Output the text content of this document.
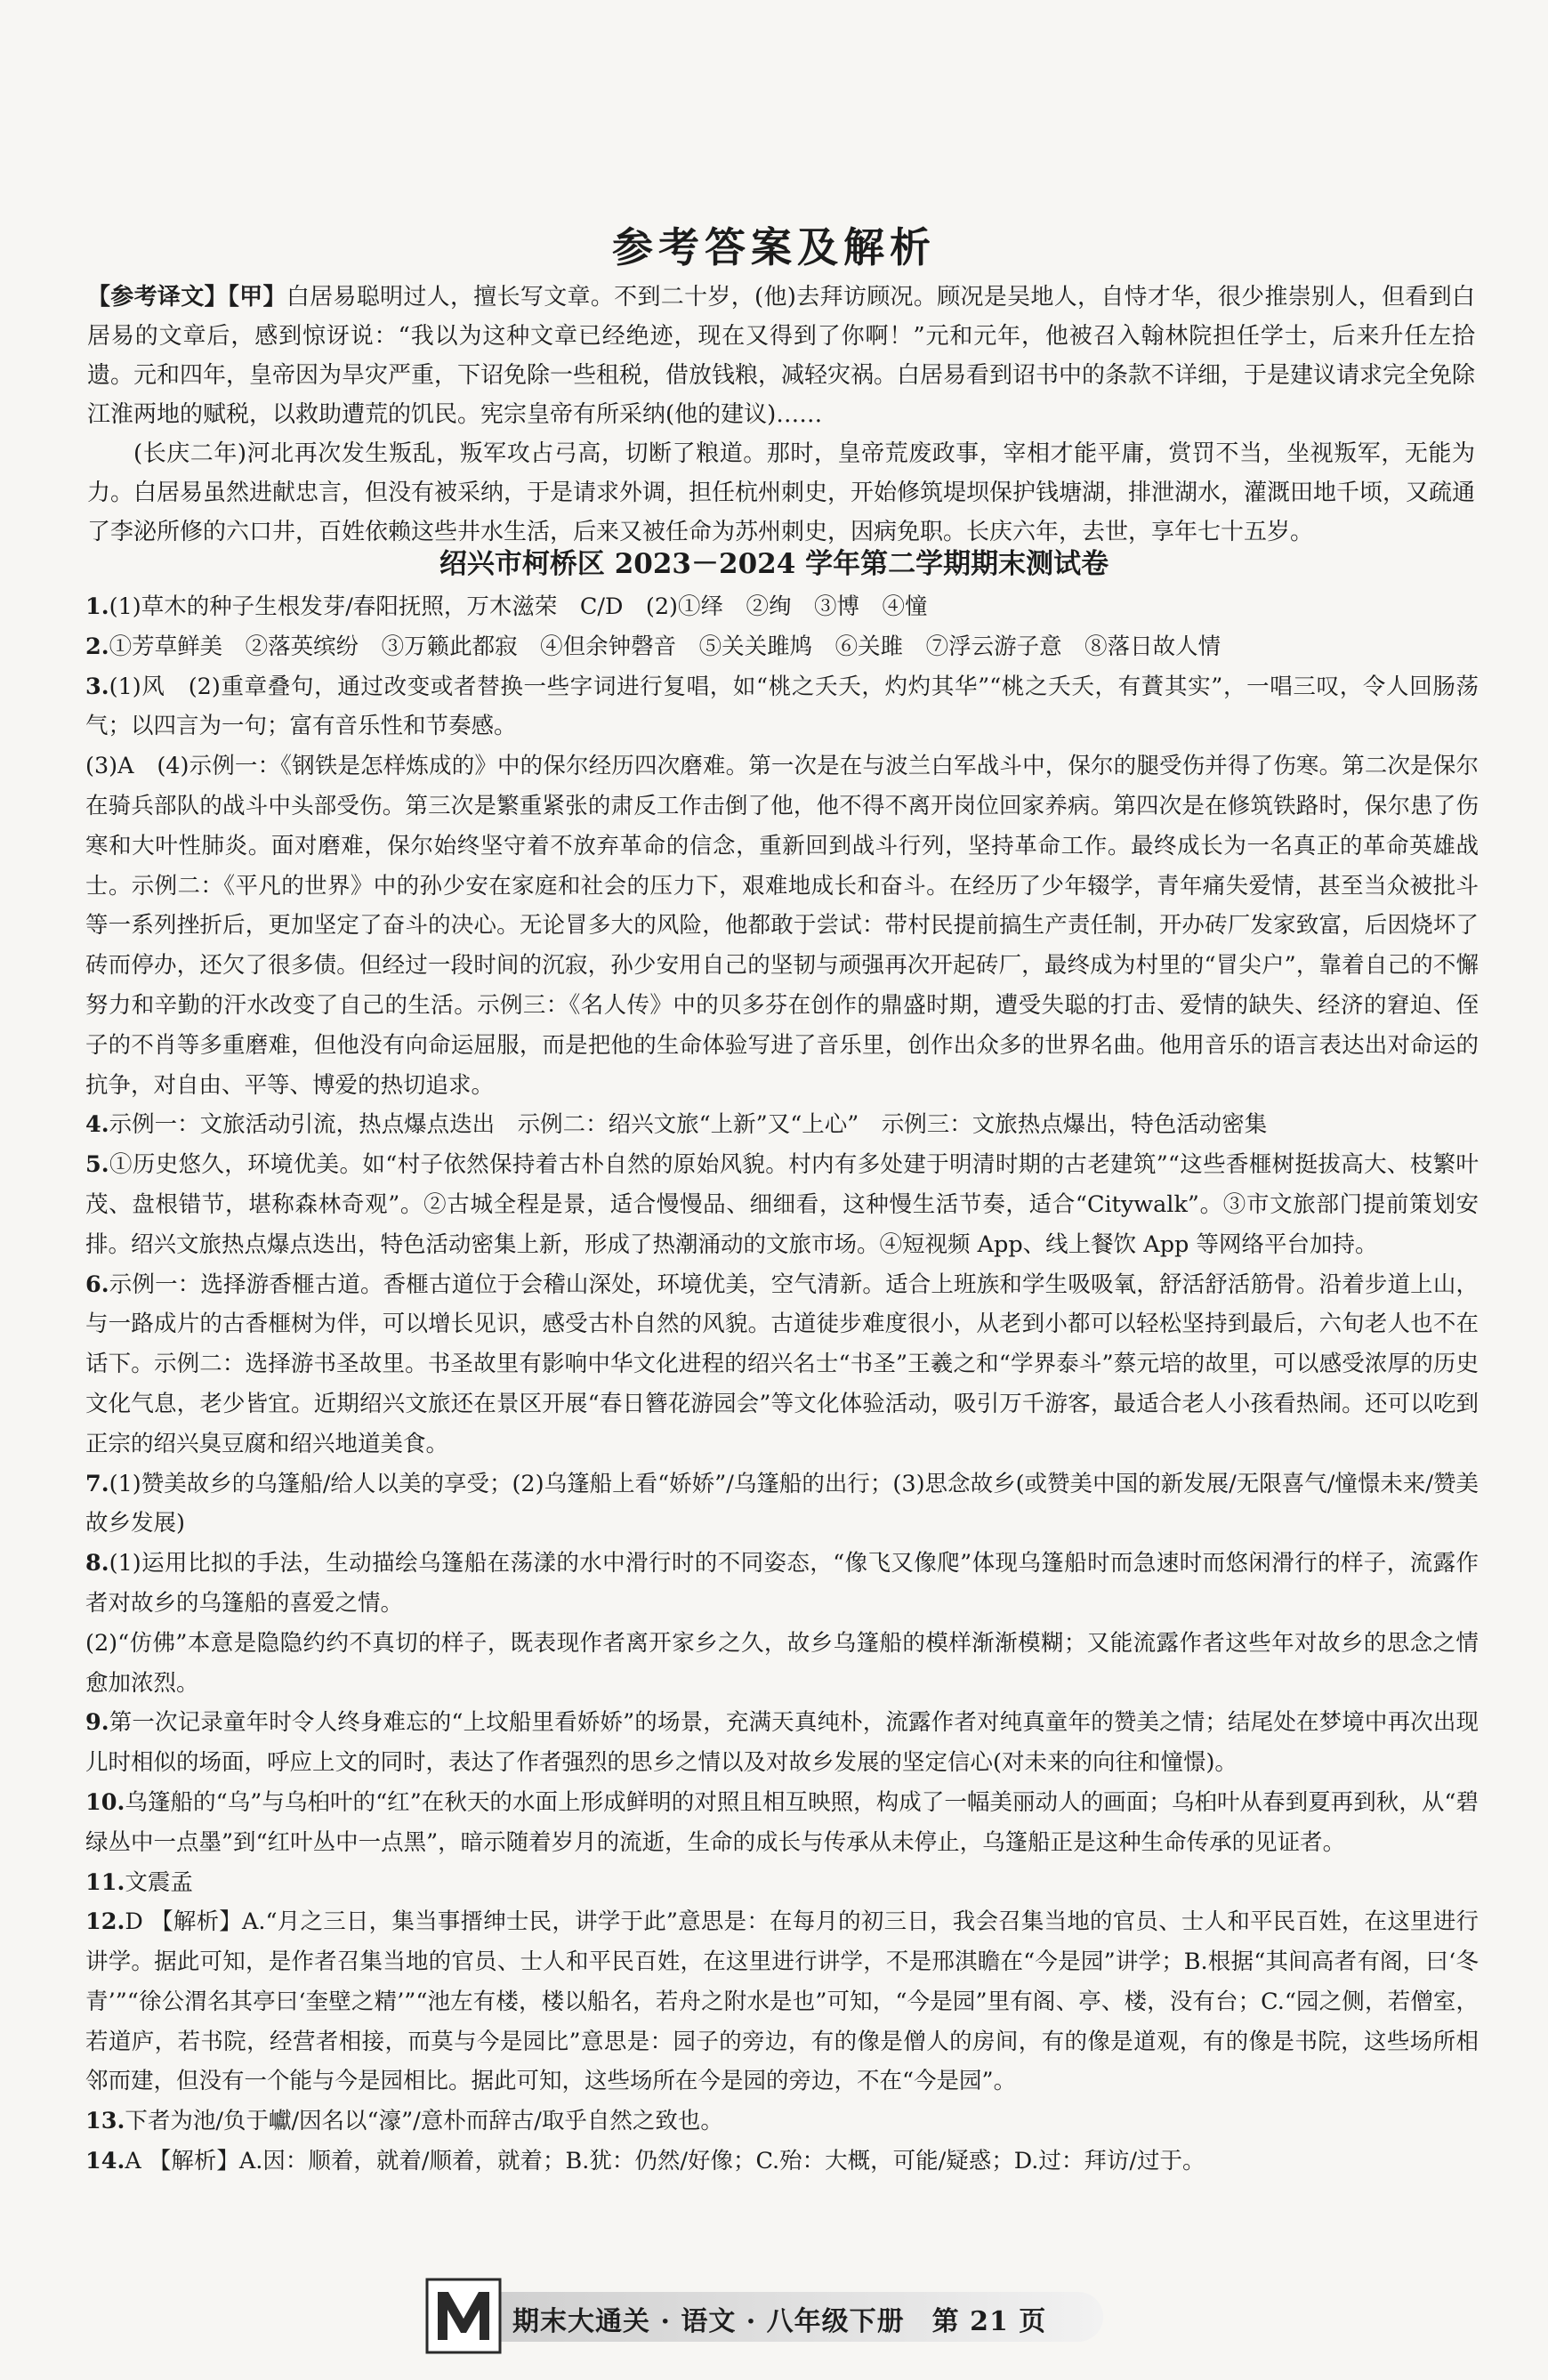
参考答案及解析

【参考译文】【甲】白居易聪明过人，擅长写文章。不到二十岁，(他)去拜访顾况。顾况是吴地人，自恃才华，很少推崇别人，但看到白居易的文章后，感到惊讶说：“我以为这种文章已经绝迹，现在又得到了你啊！”元和元年，他被召入翰林院担任学士，后来升任左拾遗。元和四年，皇帝因为旱灾严重，下诏免除一些租税，借放钱粮，减轻灾祸。白居易看到诏书中的条款不详细，于是建议请求完全免除江淮两地的赋税，以救助遭荒的饥民。宪宗皇帝有所采纳(他的建议)……

(长庆二年)河北再次发生叛乱，叛军攻占弓高，切断了粮道。那时，皇帝荒废政事，宰相才能平庸，赏罚不当，坐视叛军，无能为力。白居易虽然进献忠言，但没有被采纳，于是请求外调，担任杭州刺史，开始修筑堤坝保护钱塘湖，排泄湖水，灌溉田地千顷，又疏通了李泌所修的六口井，百姓依赖这些井水生活，后来又被任命为苏州刺史，因病免职。长庆六年，去世，享年七十五岁。

绍兴市柯桥区 2023－2024 学年第二学期期末测试卷

1.(1)草木的种子生根发芽/春阳抚照，万木滋荣　C/D　(2)①绎　②绚　③博　④憧

2.①芳草鲜美　②落英缤纷　③万籁此都寂　④但余钟磬音　⑤关关雎鸠　⑥关雎　⑦浮云游子意　⑧落日故人情

3.(1)风　(2)重章叠句，通过改变或者替换一些字词进行复唱，如“桃之夭夭，灼灼其华”“桃之夭夭，有蕡其实”，一唱三叹，令人回肠荡气；以四言为一句；富有音乐性和节奏感。

(3)A　(4)示例一：《钢铁是怎样炼成的》中的保尔经历四次磨难。第一次是在与波兰白军战斗中，保尔的腿受伤并得了伤寒。第二次是保尔在骑兵部队的战斗中头部受伤。第三次是繁重紧张的肃反工作击倒了他，他不得不离开岗位回家养病。第四次是在修筑铁路时，保尔患了伤寒和大叶性肺炎。面对磨难，保尔始终坚守着不放弃革命的信念，重新回到战斗行列，坚持革命工作。最终成长为一名真正的革命英雄战士。示例二：《平凡的世界》中的孙少安在家庭和社会的压力下，艰难地成长和奋斗。在经历了少年辍学，青年痛失爱情，甚至当众被批斗等一系列挫折后，更加坚定了奋斗的决心。无论冒多大的风险，他都敢于尝试：带村民提前搞生产责任制，开办砖厂发家致富，后因烧坏了砖而停办，还欠了很多债。但经过一段时间的沉寂，孙少安用自己的坚韧与顽强再次开起砖厂，最终成为村里的“冒尖户”，靠着自己的不懈努力和辛勤的汗水改变了自己的生活。示例三：《名人传》中的贝多芬在创作的鼎盛时期，遭受失聪的打击、爱情的缺失、经济的窘迫、侄子的不肖等多重磨难，但他没有向命运屈服，而是把他的生命体验写进了音乐里，创作出众多的世界名曲。他用音乐的语言表达出对命运的抗争，对自由、平等、博爱的热切追求。

4.示例一：文旅活动引流，热点爆点迭出　示例二：绍兴文旅“上新”又“上心”　示例三：文旅热点爆出，特色活动密集

5.①历史悠久，环境优美。如“村子依然保持着古朴自然的原始风貌。村内有多处建于明清时期的古老建筑”“这些香榧树挺拔高大、枝繁叶茂、盘根错节，堪称森林奇观”。②古城全程是景，适合慢慢品、细细看，这种慢生活节奏，适合“Citywalk”。③市文旅部门提前策划安排。绍兴文旅热点爆点迭出，特色活动密集上新，形成了热潮涌动的文旅市场。④短视频 App、线上餐饮 App 等网络平台加持。

6.示例一：选择游香榧古道。香榧古道位于会稽山深处，环境优美，空气清新。适合上班族和学生吸吸氧，舒活舒活筋骨。沿着步道上山，与一路成片的古香榧树为伴，可以增长见识，感受古朴自然的风貌。古道徒步难度很小，从老到小都可以轻松坚持到最后，六旬老人也不在话下。示例二：选择游书圣故里。书圣故里有影响中华文化进程的绍兴名士“书圣”王羲之和“学界泰斗”蔡元培的故里，可以感受浓厚的历史文化气息，老少皆宜。近期绍兴文旅还在景区开展“春日簪花游园会”等文化体验活动，吸引万千游客，最适合老人小孩看热闹。还可以吃到正宗的绍兴臭豆腐和绍兴地道美食。

7.(1)赞美故乡的乌篷船/给人以美的享受；(2)乌篷船上看“娇娇”/乌篷船的出行；(3)思念故乡(或赞美中国的新发展/无限喜气/憧憬未来/赞美故乡发展)

8.(1)运用比拟的手法，生动描绘乌篷船在荡漾的水中滑行时的不同姿态，“像飞又像爬”体现乌篷船时而急速时而悠闲滑行的样子，流露作者对故乡的乌篷船的喜爱之情。

(2)“仿佛”本意是隐隐约约不真切的样子，既表现作者离开家乡之久，故乡乌篷船的模样渐渐模糊；又能流露作者这些年对故乡的思念之情愈加浓烈。

9.第一次记录童年时令人终身难忘的“上坟船里看娇娇”的场景，充满天真纯朴，流露作者对纯真童年的赞美之情；结尾处在梦境中再次出现儿时相似的场面，呼应上文的同时，表达了作者强烈的思乡之情以及对故乡发展的坚定信心(对未来的向往和憧憬)。

10.乌篷船的“乌”与乌桕叶的“红”在秋天的水面上形成鲜明的对照且相互映照，构成了一幅美丽动人的画面；乌桕叶从春到夏再到秋，从“碧绿丛中一点墨”到“红叶丛中一点黑”，暗示随着岁月的流逝，生命的成长与传承从未停止，乌篷船正是这种生命传承的见证者。

11.文震孟

12.D 【解析】A.“月之三日，集当事搢绅士民，讲学于此”意思是：在每月的初三日，我会召集当地的官员、士人和平民百姓，在这里进行讲学。据此可知，是作者召集当地的官员、士人和平民百姓，在这里进行讲学，不是邢淇瞻在“今是园”讲学；B.根据“其间高者有阁，曰‘冬青’”“徐公渭名其亭曰‘奎壁之精’”“池左有楼，楼以船名，若舟之附水是也”可知，“今是园”里有阁、亭、楼，没有台；C.“园之侧，若僧室，若道庐，若书院，经营者相接，而莫与今是园比”意思是：园子的旁边，有的像是僧人的房间，有的像是道观，有的像是书院，这些场所相邻而建，但没有一个能与今是园相比。据此可知，这些场所在今是园的旁边，不在“今是园”。

13.下者为池/负于巘/因名以“濠”/意朴而辞古/取乎自然之致也。

14.A 【解析】A.因：顺着，就着/顺着，就着；B.犹：仍然/好像；C.殆：大概，可能/疑惑；D.过：拜访/过于。

期末大通关 · 语文 · 八年级下册　第 21 页
